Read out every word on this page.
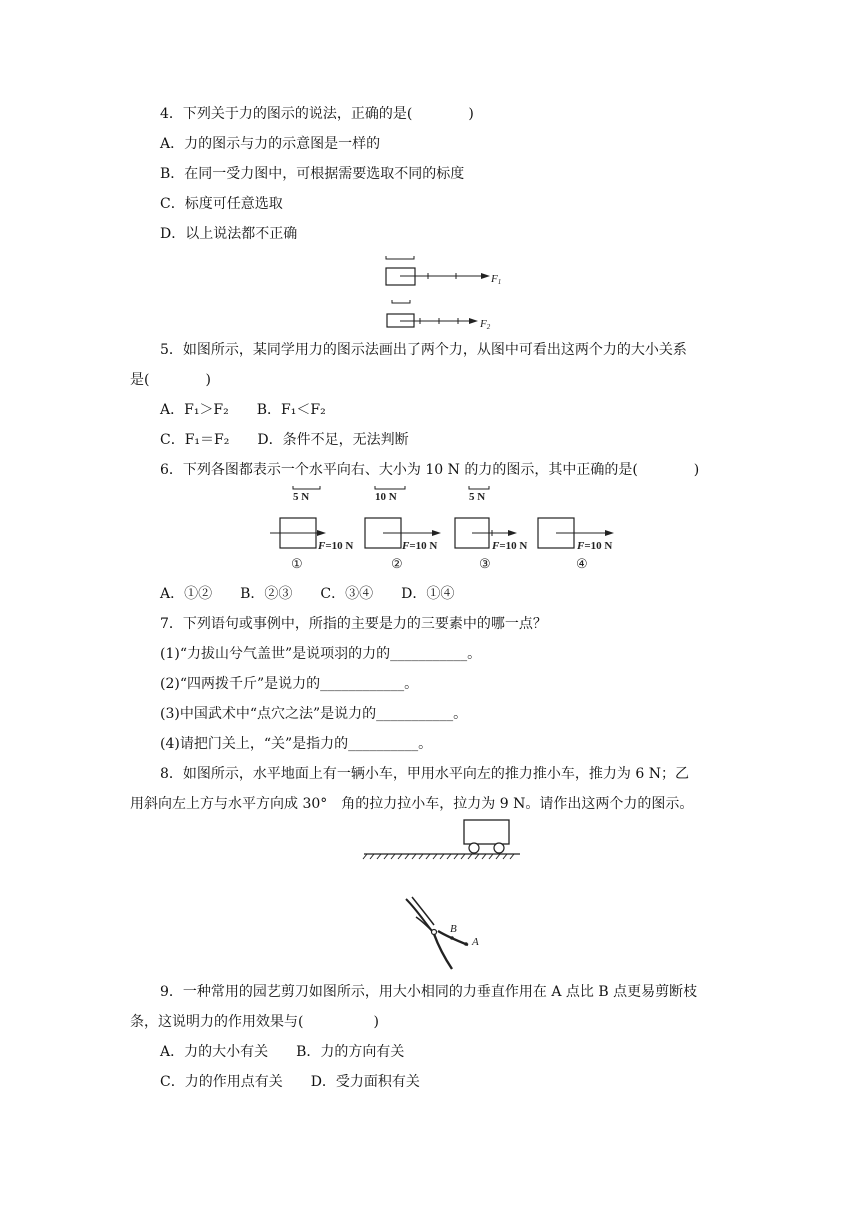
4．下列关于力的图示的说法，正确的是(　　　　)
A．力的图示与力的示意图是一样的
B．在同一受力图中，可根据需要选取不同的标度
C．标度可任意选取
D．以上说法都不正确
F1
F2
5．如图所示，某同学用力的图示法画出了两个力，从图中可看出这两个力的大小关系
是(　　　　)
A．F₁＞F₂　　B．F₁＜F₂
C．F₁＝F₂　　D．条件不足，无法判断
6．下列各图都表示一个水平向右、大小为 10 N 的力的图示，其中正确的是(　　　　)
5 N
F=10 N
①
10 N
F=10 N
②
5 N
F=10 N
③
F=10 N
④
A．①②　　B．②③　　C．③④　　D．①④
7．下列语句或事例中，所指的主要是力的三要素中的哪一点？
(1)“力拔山兮气盖世”是说项羽的力的___________。
(2)“四两拨千斤”是说力的____________。
(3)中国武术中“点穴之法”是说力的___________。
(4)请把门关上，“关”是指力的__________。
8．如图所示，水平地面上有一辆小车，甲用水平向左的推力推小车，推力为 6 N；乙
用斜向左上方与水平方向成 30°　角的拉力拉小车，拉力为 9 N。请作出这两个力的图示。
B
A
9．一种常用的园艺剪刀如图所示，用大小相同的力垂直作用在 A 点比 B 点更易剪断枝
条，这说明力的作用效果与(　　　　　)
A．力的大小有关　　B．力的方向有关
C．力的作用点有关　　D．受力面积有关
